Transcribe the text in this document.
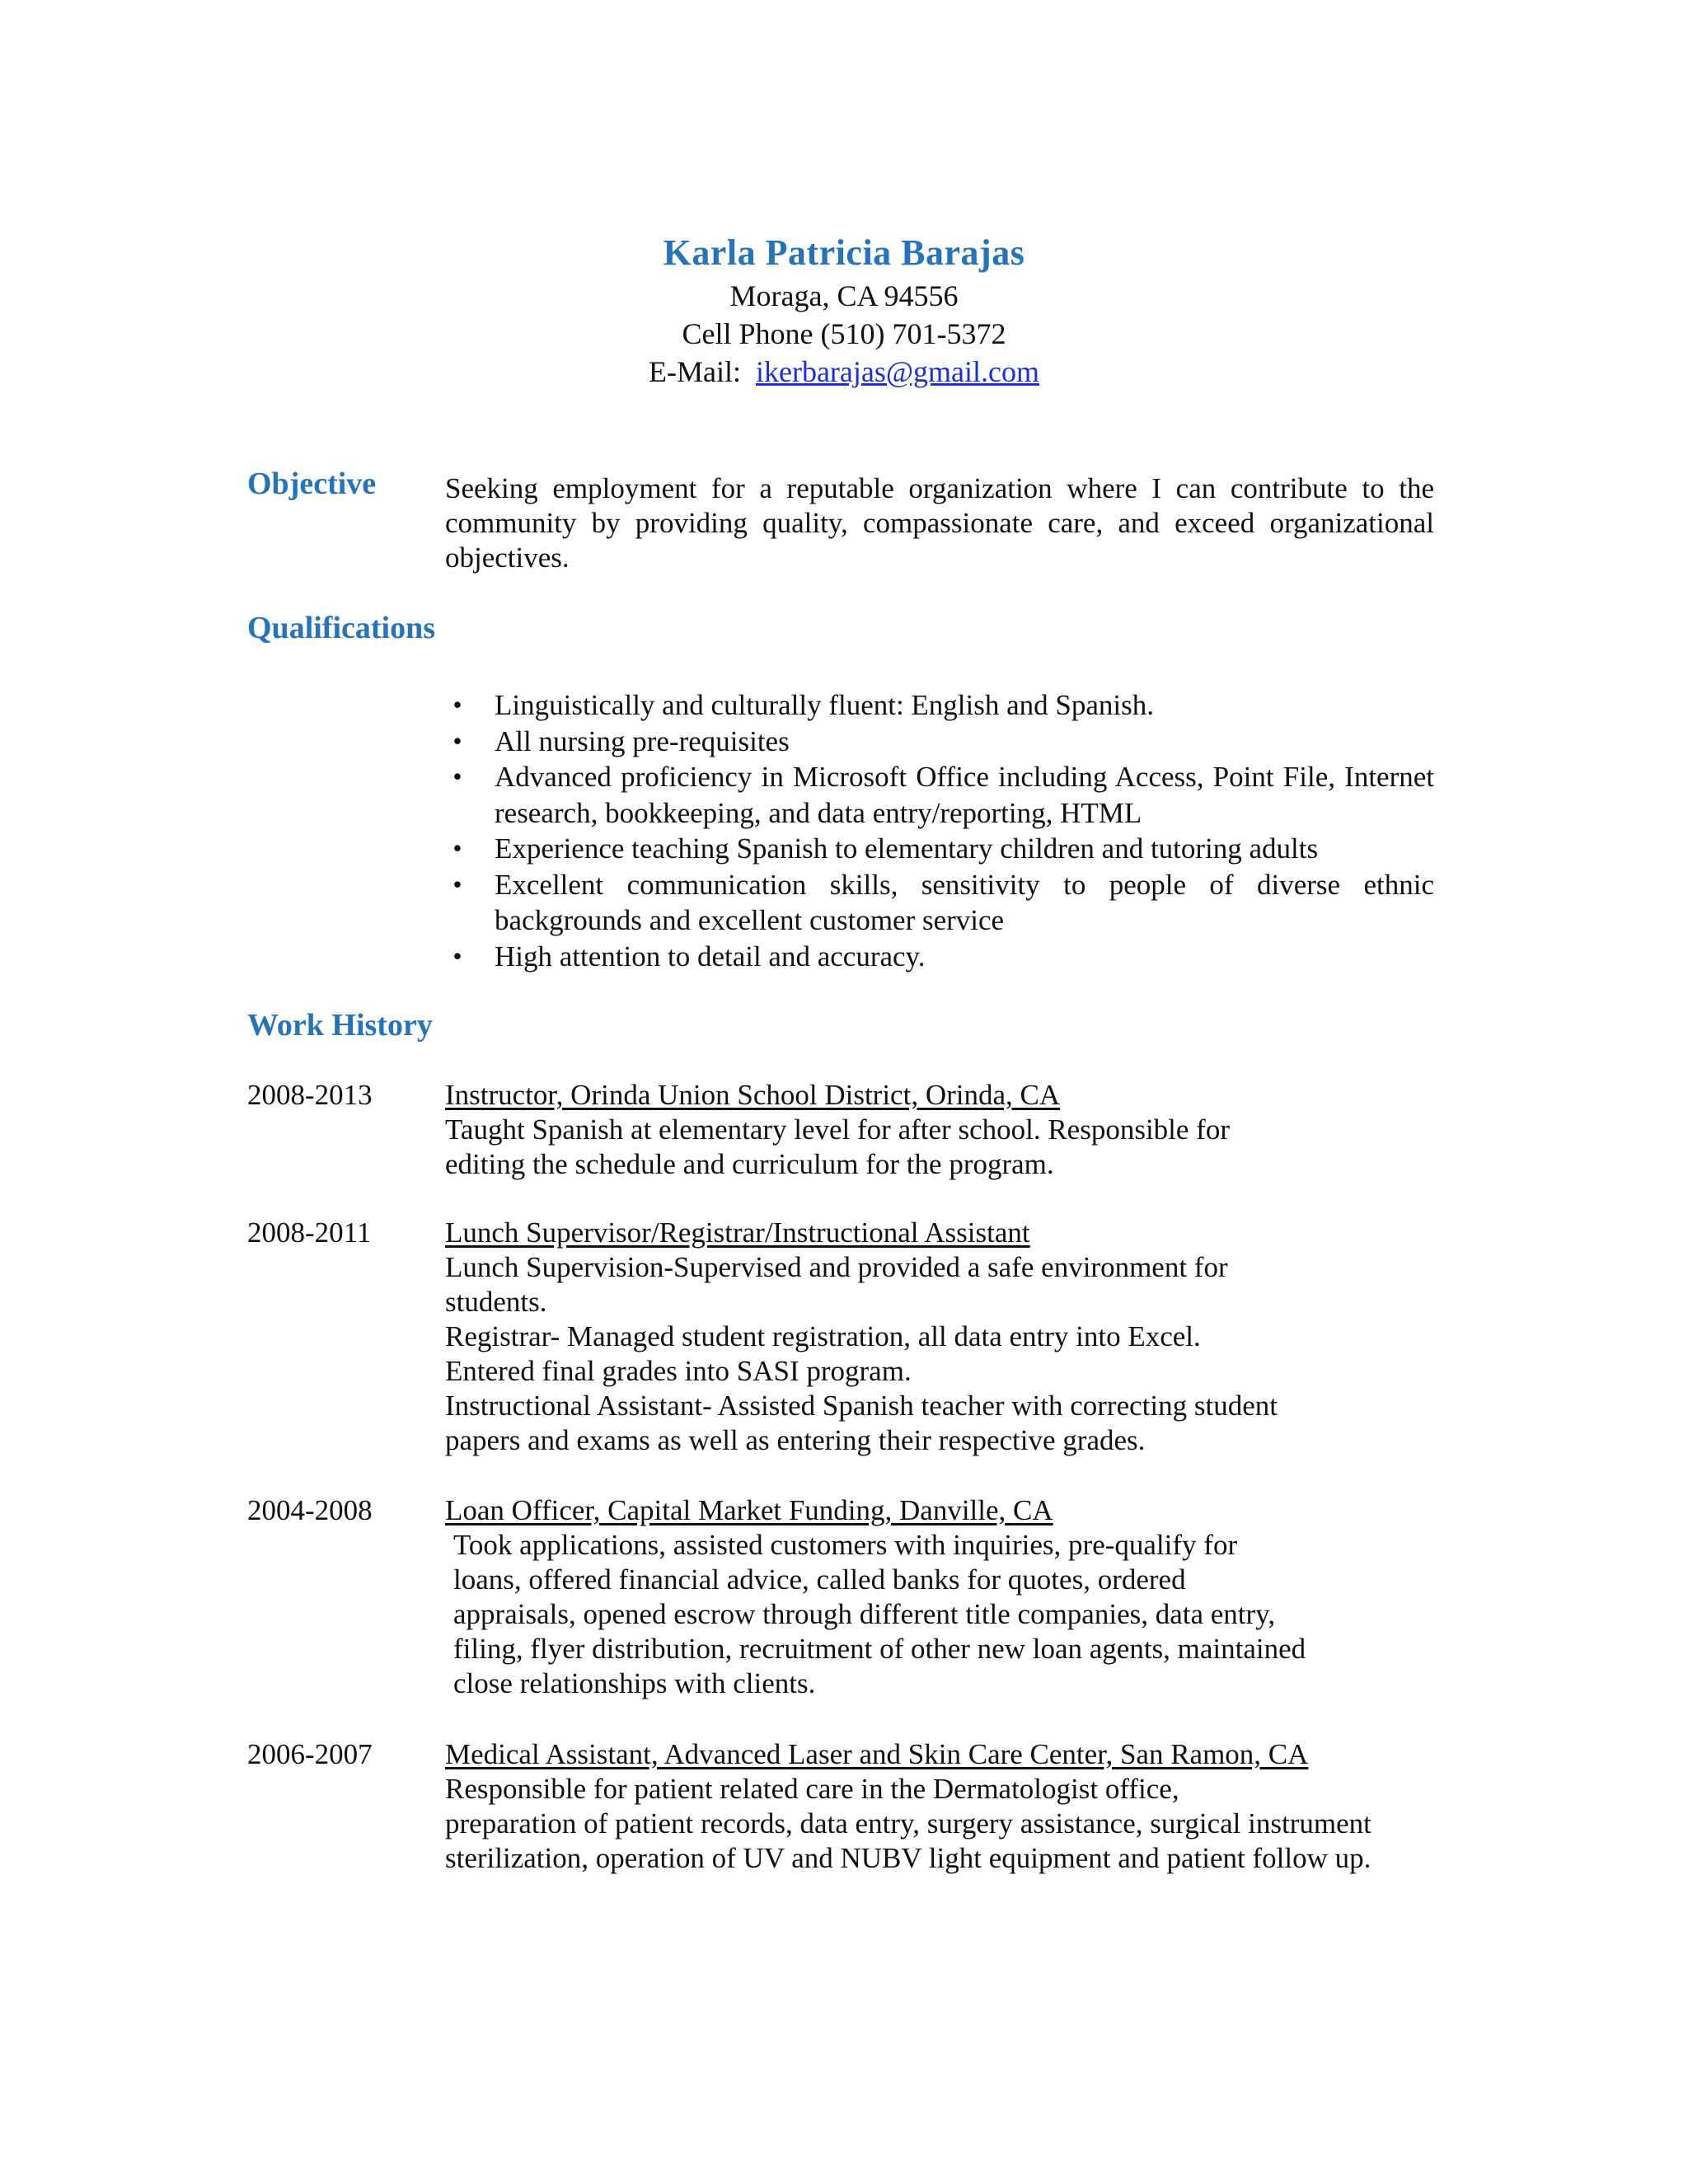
Karla Patricia Barajas
Moraga, CA 94556
Cell Phone (510) 701-5372
E-Mail: ikerbarajas@gmail.com
Objective Seeking employment for a reputable organization where I can contribute to the community by providing quality, compassionate care, and exceed organizational objectives.
Qualifications
• Linguistically and culturally fluent: English and Spanish.
• All nursing pre-requisites
• Advanced proficiency in Microsoft Office including Access, Point File, Internet research, bookkeeping, and data entry/reporting, HTML
• Experience teaching Spanish to elementary children and tutoring adults
• Excellent communication skills, sensitivity to people of diverse ethnic backgrounds and excellent customer service
• High attention to detail and accuracy.
Work History
2008-2013	Instructor, Orinda Union School District, Orinda, CA
Taught Spanish at elementary level for after school. Responsible for
editing the schedule and curriculum for the program.
2008-2011	Lunch Supervisor/Registrar/Instructional Assistant
Lunch Supervision-Supervised and provided a safe environment for
students.
Registrar- Managed student registration, all data entry into Excel.
Entered final grades into SASI program.
Instructional Assistant- Assisted Spanish teacher with correcting student
papers and exams as well as entering their respective grades.
2004-2008	Loan Officer, Capital Market Funding, Danville, CA
Took applications, assisted customers with inquiries, pre-qualify for
loans, offered financial advice, called banks for quotes, ordered
appraisals, opened escrow through different title companies, data entry,
filing, flyer distribution, recruitment of other new loan agents, maintained
close relationships with clients.
2006-2007	Medical Assistant, Advanced Laser and Skin Care Center, San Ramon, CA
Responsible for patient related care in the Dermatologist office,
preparation of patient records, data entry, surgery assistance, surgical instrument
sterilization, operation of UV and NUBV light equipment and patient follow up.
